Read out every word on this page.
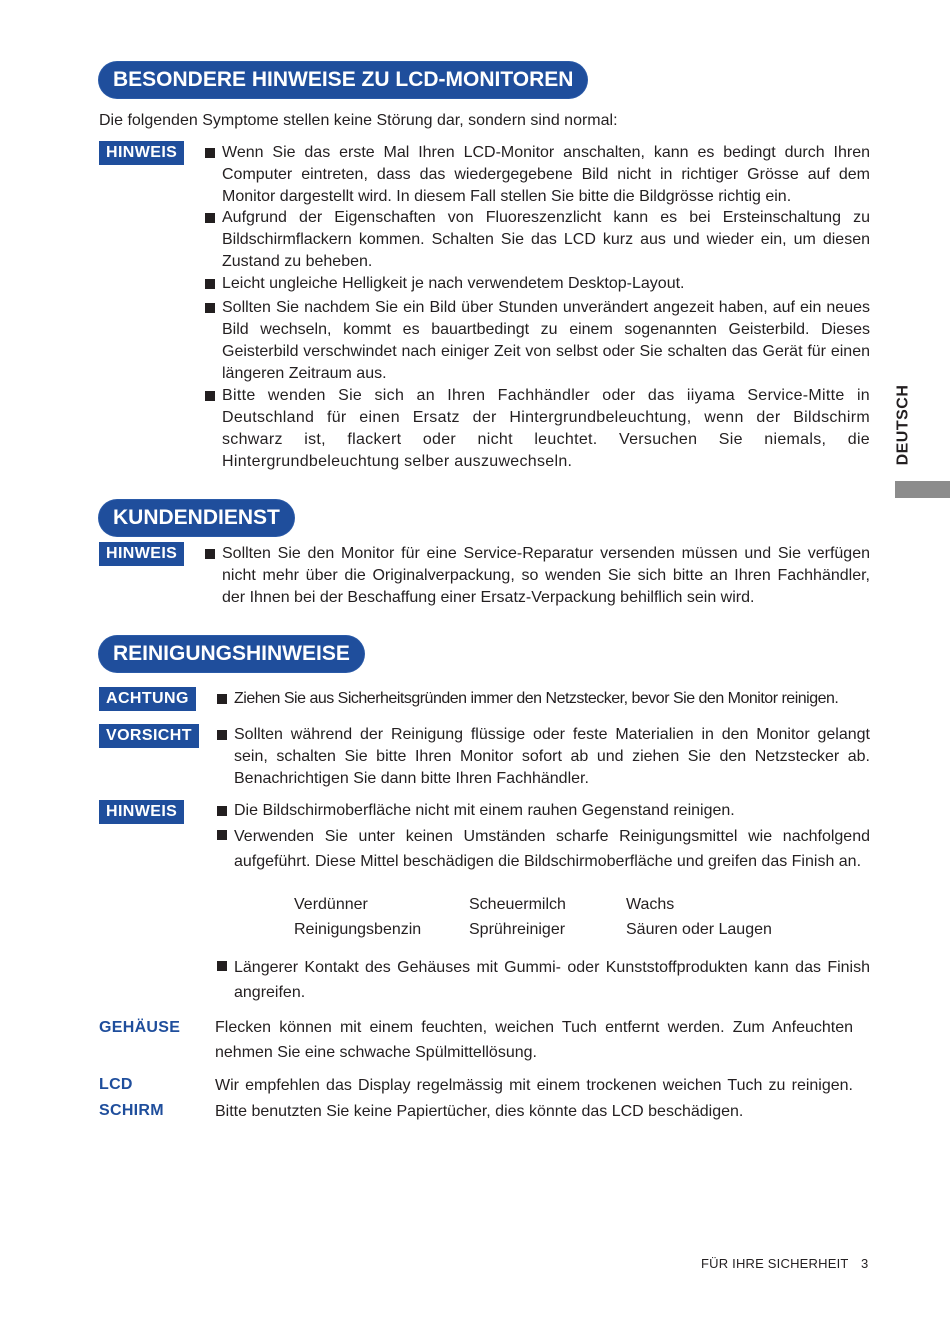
DEUTSCH
BESONDERE HINWEISE ZU LCD-MONITOREN
Die folgenden Symptome stellen keine Störung dar, sondern sind normal:
HINWEIS	Wenn Sie das erste Mal Ihren LCD-Monitor anschalten, kann es bedingt durch Ihren Computer eintreten, dass das wiedergegebene Bild nicht in richtiger Grösse auf dem Monitor dargestellt wird. In diesem Fall stellen Sie bitte die Bildgrösse richtig ein.
Aufgrund der Eigenschaften von Fluoreszenzlicht kann es bei Ersteinschaltung zu Bildschirmflackern kommen. Schalten Sie das LCD kurz aus und wieder ein, um diesen Zustand zu beheben.
Leicht ungleiche Helligkeit je nach verwendetem Desktop-Layout.
Sollten Sie nachdem Sie ein Bild über Stunden unverändert angezeit haben, auf ein neues Bild wechseln, kommt es bauartbedingt zu einem sogenannten Geisterbild. Dieses Geisterbild verschwindet nach einiger Zeit von selbst oder Sie schalten das Gerät für einen längeren Zeitraum aus.
Bitte wenden Sie sich an Ihren Fachhändler oder das iiyama Service-Mitte in Deutschland für einen Ersatz der Hintergrundbeleuchtung, wenn der Bildschirm schwarz ist, flackert oder nicht leuchtet. Versuchen Sie niemals, die Hintergrundbeleuchtung selber auszuwechseln.
KUNDENDIENST
HINWEIS	Sollten Sie den Monitor für eine Service-Reparatur versenden müssen und Sie verfügen nicht mehr über die Originalverpackung, so wenden Sie sich bitte an Ihren Fachhändler, der Ihnen bei der Beschaffung einer Ersatz-Verpackung behilflich sein wird.
REINIGUNGSHINWEISE
ACHTUNG	Ziehen Sie aus Sicherheitsgründen immer den Netzstecker, bevor Sie den Monitor reinigen.
VORSICHT	Sollten während der Reinigung flüssige oder feste Materialien in den Monitor gelangt sein, schalten Sie bitte Ihren Monitor sofort ab und ziehen Sie den Netzstecker ab. Benachrichtigen Sie dann bitte Ihren Fachhändler.
HINWEIS	Die Bildschirmoberfläche nicht mit einem rauhen Gegenstand reinigen.
Verwenden Sie unter keinen Umständen scharfe Reinigungsmittel wie nachfolgend aufgeführt. Diese Mittel beschädigen die Bildschirmoberfläche und greifen das Finish an.
Verdünner	Scheuermilch	Wachs
Reinigungsbenzin	Sprühreiniger	Säuren oder Laugen
Längerer Kontakt des Gehäuses mit Gummi- oder Kunststoffprodukten kann das Finish angreifen.
GEHÄUSE Flecken können mit einem feuchten, weichen Tuch entfernt werden. Zum Anfeuchten nehmen Sie eine schwache Spülmittellösung.
LCD
SCHIRM
Wir empfehlen das Display regelmässig mit einem trockenen weichen Tuch zu reinigen. Bitte benutzten Sie keine Papiertücher, dies könnte das LCD beschädigen.
FÜR IHRE SICHERHEIT 3
